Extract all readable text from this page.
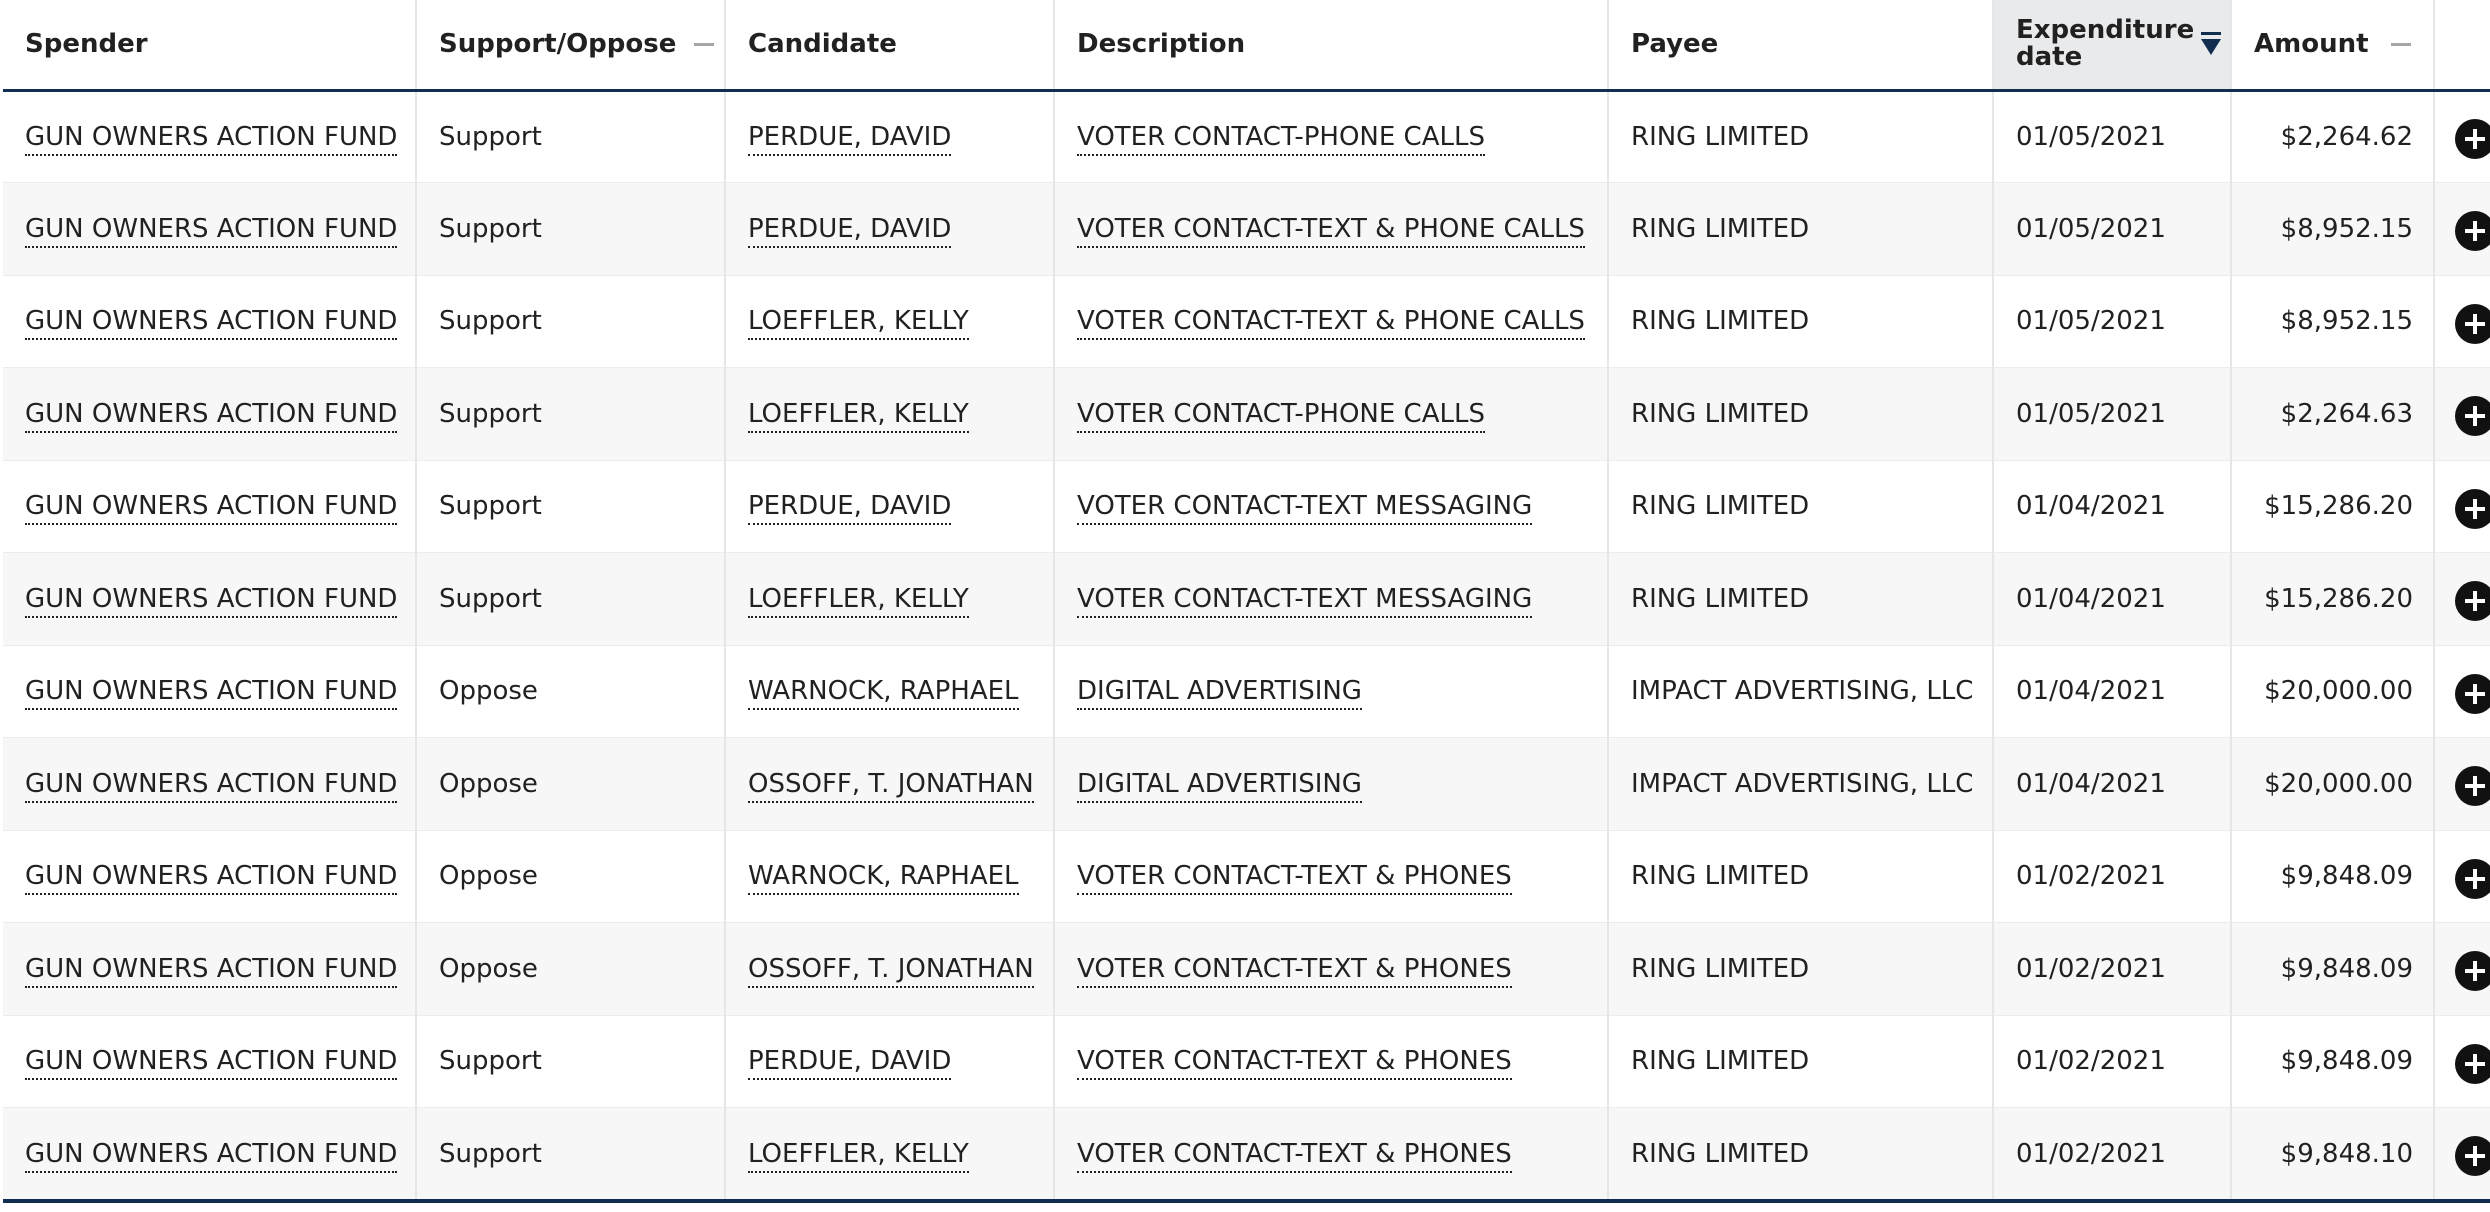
Spender	Support/Oppose	Candidate	Description	Payee	Expenditure date	Amount	

GUN OWNERS ACTION FUND	Support	PERDUE, DAVID	VOTER CONTACT-PHONE CALLS	RING LIMITED	01/05/2021	$2,264.62	
GUN OWNERS ACTION FUND	Support	PERDUE, DAVID	VOTER CONTACT-TEXT & PHONE CALLS	RING LIMITED	01/05/2021	$8,952.15	
GUN OWNERS ACTION FUND	Support	LOEFFLER, KELLY	VOTER CONTACT-TEXT & PHONE CALLS	RING LIMITED	01/05/2021	$8,952.15	
GUN OWNERS ACTION FUND	Support	LOEFFLER, KELLY	VOTER CONTACT-PHONE CALLS	RING LIMITED	01/05/2021	$2,264.63	
GUN OWNERS ACTION FUND	Support	PERDUE, DAVID	VOTER CONTACT-TEXT MESSAGING	RING LIMITED	01/04/2021	$15,286.20	
GUN OWNERS ACTION FUND	Support	LOEFFLER, KELLY	VOTER CONTACT-TEXT MESSAGING	RING LIMITED	01/04/2021	$15,286.20	
GUN OWNERS ACTION FUND	Oppose	WARNOCK, RAPHAEL	DIGITAL ADVERTISING	IMPACT ADVERTISING, LLC	01/04/2021	$20,000.00	
GUN OWNERS ACTION FUND	Oppose	OSSOFF, T. JONATHAN	DIGITAL ADVERTISING	IMPACT ADVERTISING, LLC	01/04/2021	$20,000.00	
GUN OWNERS ACTION FUND	Oppose	WARNOCK, RAPHAEL	VOTER CONTACT-TEXT & PHONES	RING LIMITED	01/02/2021	$9,848.09	
GUN OWNERS ACTION FUND	Oppose	OSSOFF, T. JONATHAN	VOTER CONTACT-TEXT & PHONES	RING LIMITED	01/02/2021	$9,848.09	
GUN OWNERS ACTION FUND	Support	PERDUE, DAVID	VOTER CONTACT-TEXT & PHONES	RING LIMITED	01/02/2021	$9,848.09	
GUN OWNERS ACTION FUND	Support	LOEFFLER, KELLY	VOTER CONTACT-TEXT & PHONES	RING LIMITED	01/02/2021	$9,848.10	
